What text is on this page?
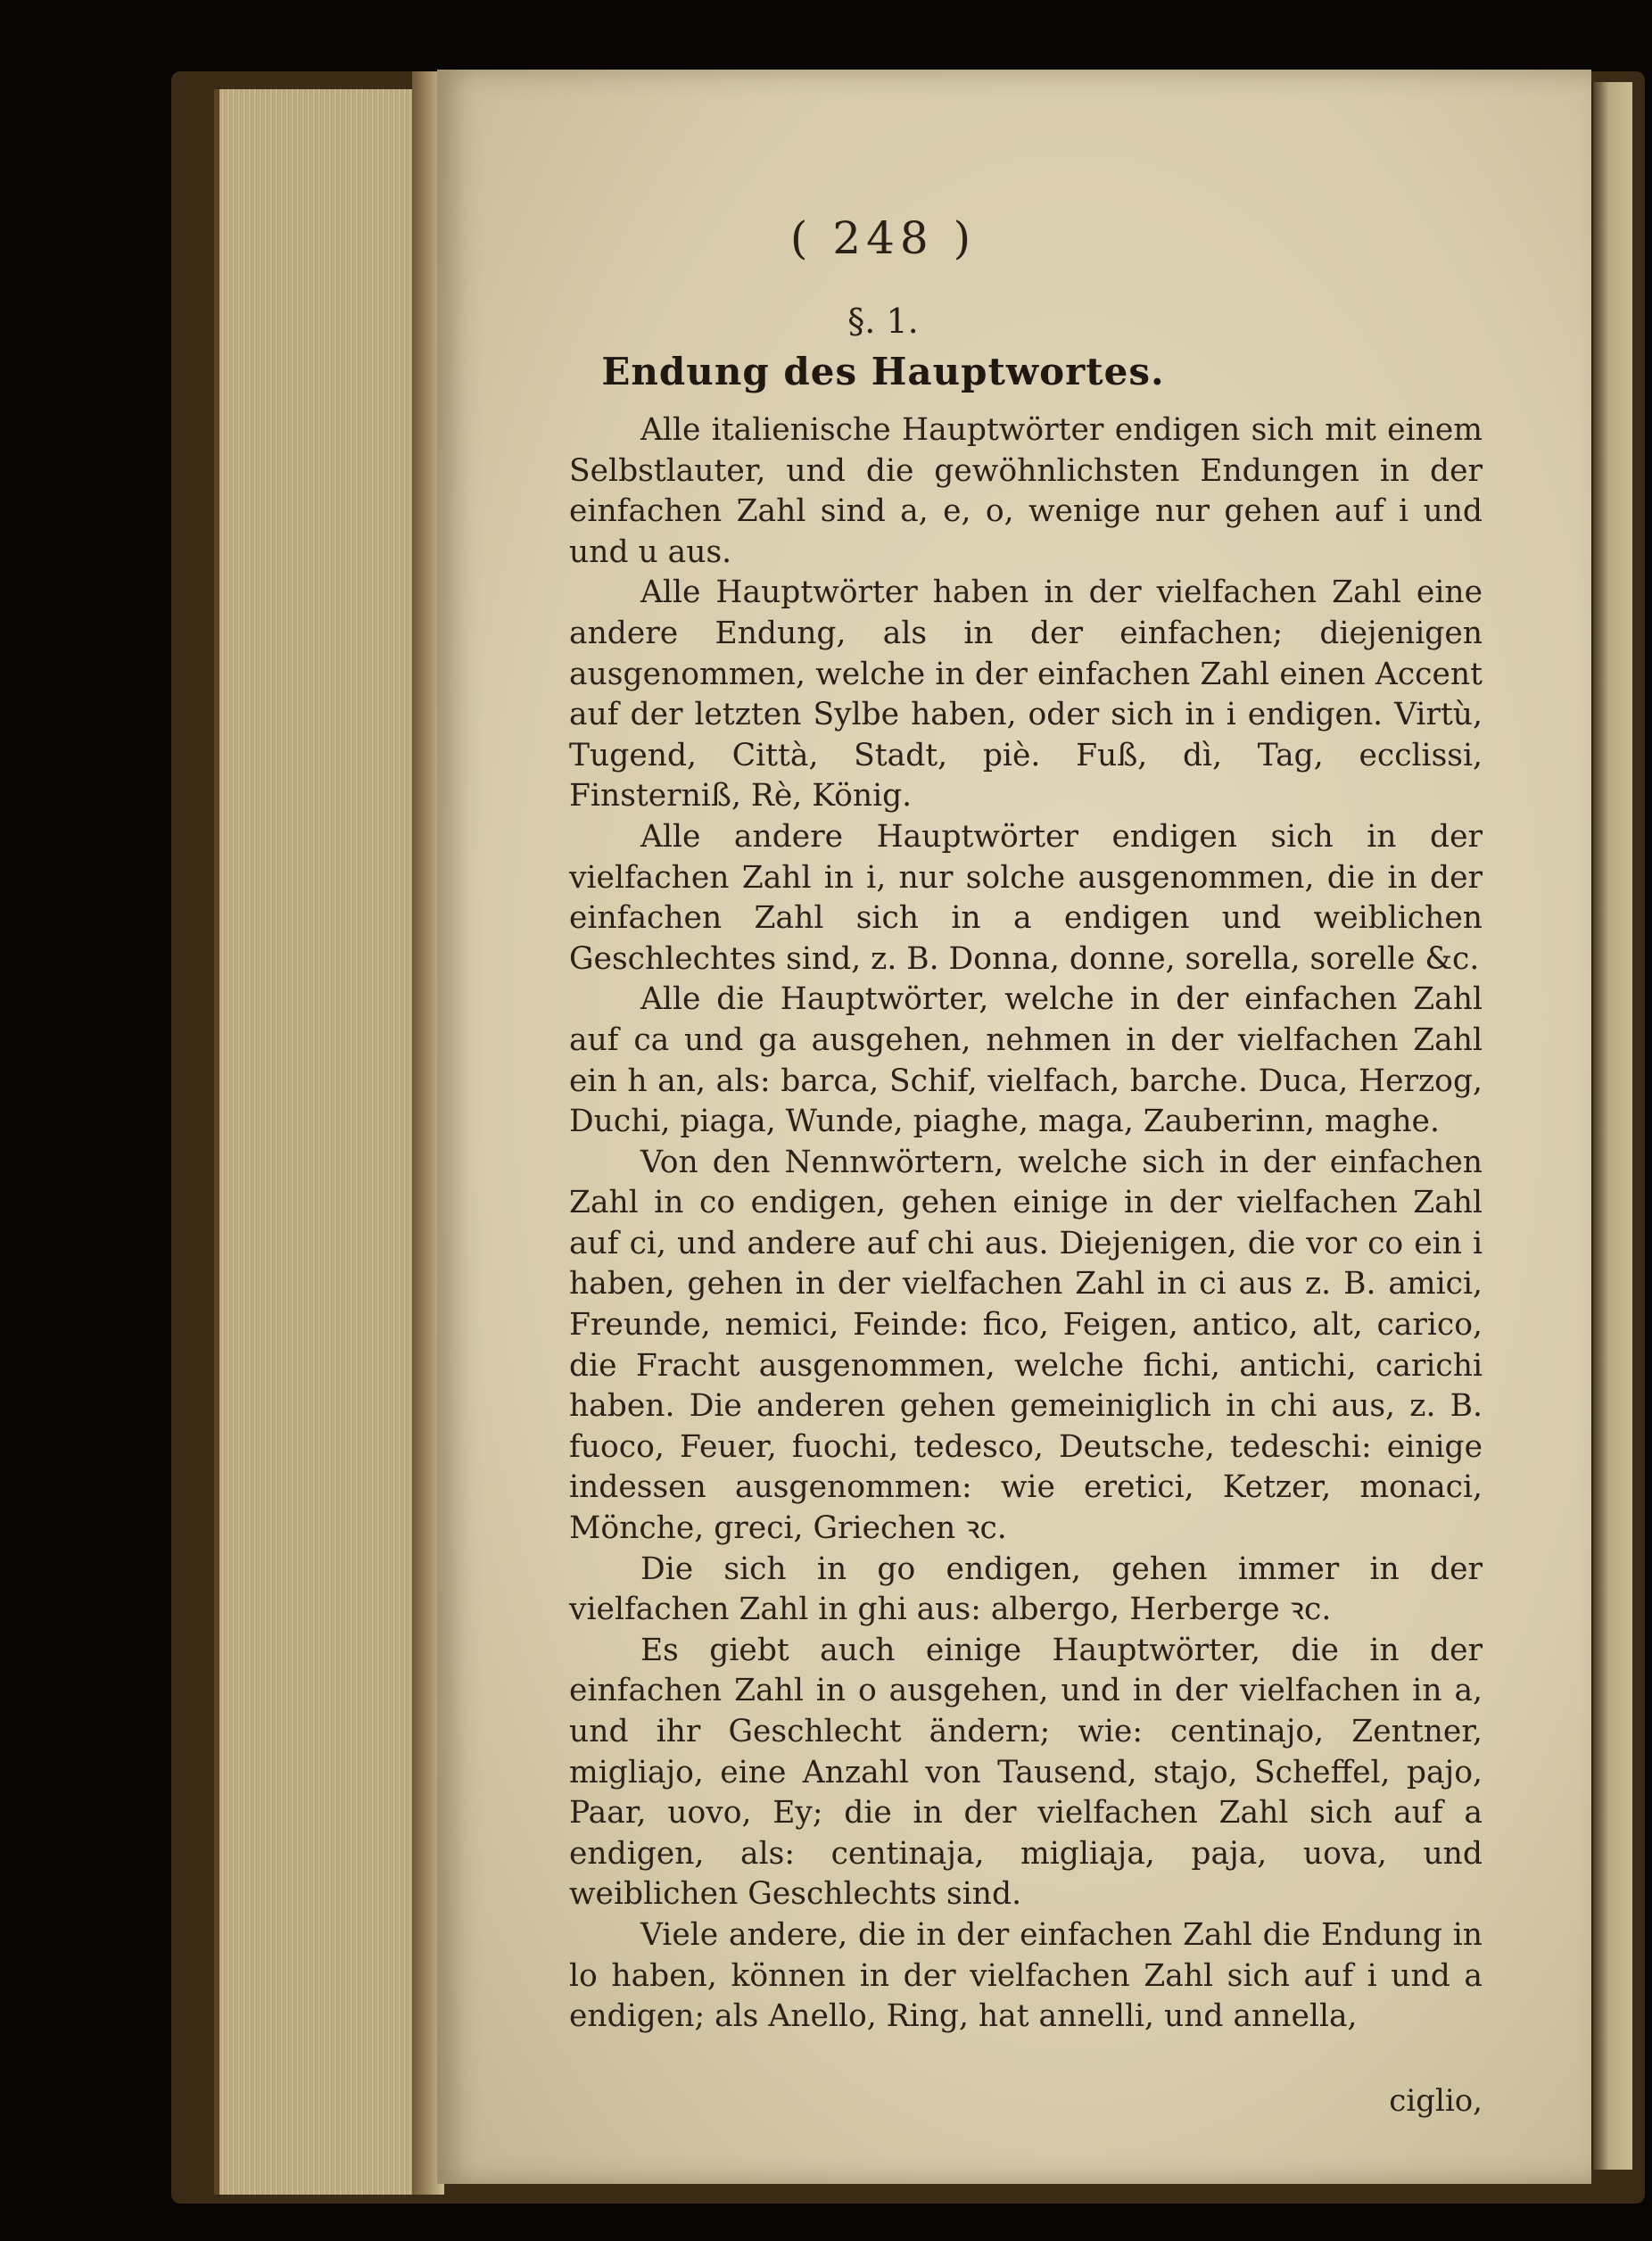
( 248 )
§. 1.
Endung des Hauptwortes.

Alle italienische Hauptwörter endigen sich mit einem Selbstlauter, und die gewöhnlichsten Endungen in der einfachen Zahl sind a, e, o, wenige nur gehen auf i und und u aus.

Alle Hauptwörter haben in der vielfachen Zahl eine andere Endung, als in der einfachen; diejenigen ausgenommen, welche in der einfachen Zahl einen Accent auf der letzten Sylbe haben, oder sich in i endigen. Virtù, Tugend, Città, Stadt, piè. Fuß, dì, Tag, ecclissi, Finsterniß, Rè, König.

Alle andere Hauptwörter endigen sich in der vielfachen Zahl in i, nur solche ausgenommen, die in der einfachen Zahl sich in a endigen und weiblichen Geschlechtes sind, z. B. Donna, donne, sorella, sorelle &c.

Alle die Hauptwörter, welche in der einfachen Zahl auf ca und ga ausgehen, nehmen in der vielfachen Zahl ein h an, als: barca, Schif, vielfach, barche. Duca, Herzog, Duchi, piaga, Wunde, piaghe, maga, Zauberinn, maghe.

Von den Nennwörtern, welche sich in der einfachen Zahl in co endigen, gehen einige in der vielfachen Zahl auf ci, und andere auf chi aus. Diejenigen, die vor co ein i haben, gehen in der vielfachen Zahl in ci aus z. B. amici, Freunde, nemici, Feinde: fico, Feigen, antico, alt, carico, die Fracht ausgenommen, welche fichi, antichi, carichi haben. Die anderen gehen gemeiniglich in chi aus, z. B. fuoco, Feuer, fuochi, tedesco, Deutsche, tedeschi: einige indessen ausgenommen: wie eretici, Ketzer, monaci, Mönche, greci, Griechen ꝛc.

Die sich in go endigen, gehen immer in der vielfachen Zahl in ghi aus: albergo, Herberge ꝛc.

Es giebt auch einige Hauptwörter, die in der einfachen Zahl in o ausgehen, und in der vielfachen in a, und ihr Geschlecht ändern; wie: centinajo, Zentner, migliajo, eine Anzahl von Tausend, stajo, Scheffel, pajo, Paar, uovo, Ey; die in der vielfachen Zahl sich auf a endigen, als: centinaja, migliaja, paja, uova, und weiblichen Geschlechts sind.

Viele andere, die in der einfachen Zahl die Endung in lo haben, können in der vielfachen Zahl sich auf i und a endigen; als Anello, Ring, hat annelli, und annella,

ciglio,
